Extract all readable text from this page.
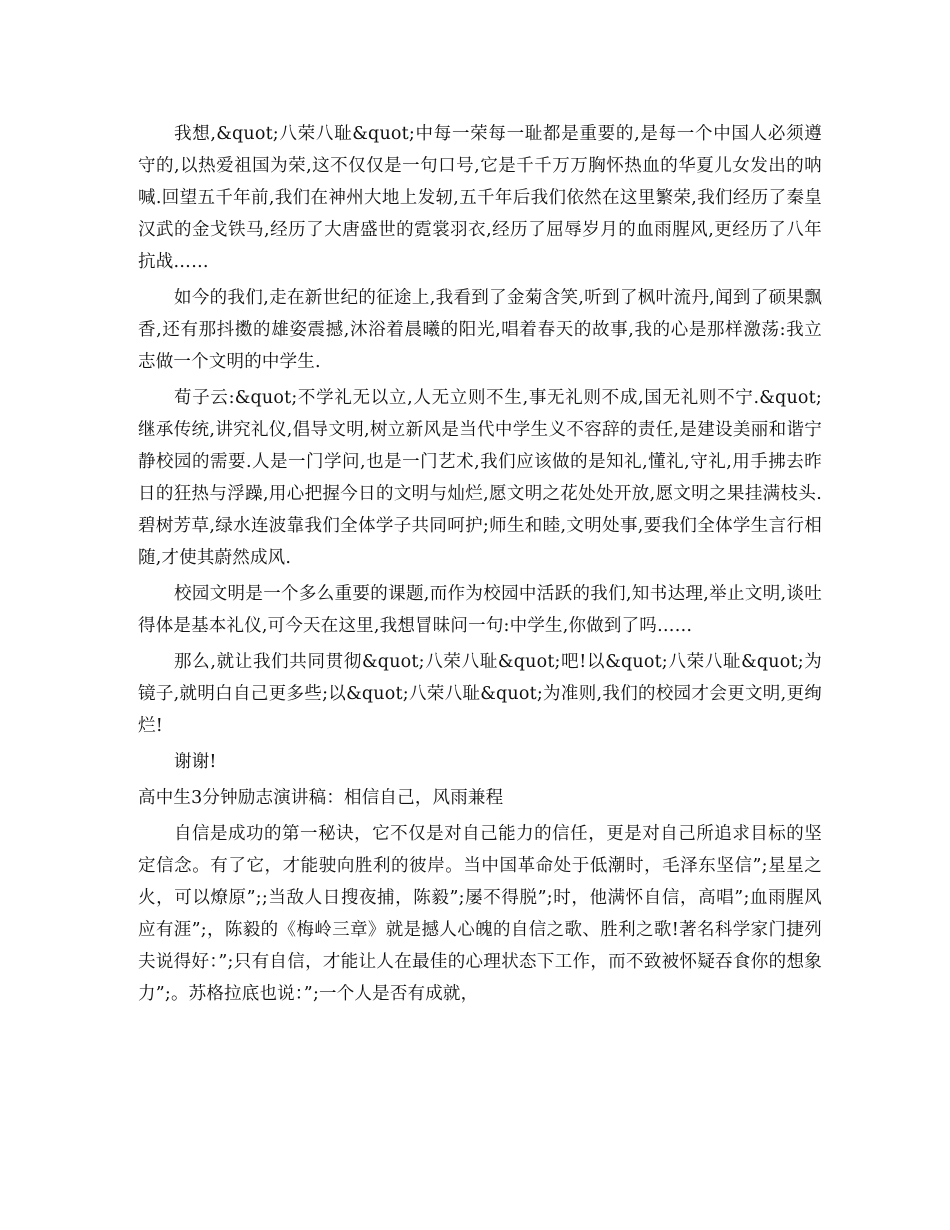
我想,&quot;八荣八耻&quot;中每一荣每一耻都是重要的,是每一个中国人必须遵守的,以热爱祖国为荣,这不仅仅是一句口号,它是千千万万胸怀热血的华夏儿女发出的呐喊.回望五千年前,我们在神州大地上发轫,五千年后我们依然在这里繁荣,我们经历了秦皇汉武的金戈铁马,经历了大唐盛世的霓裳羽衣,经历了屈辱岁月的血雨腥风,更经历了八年抗战……

如今的我们,走在新世纪的征途上,我看到了金菊含笑,听到了枫叶流丹,闻到了硕果飘香,还有那抖擞的雄姿震撼,沐浴着晨曦的阳光,唱着春天的故事,我的心是那样激荡:我立志做一个文明的中学生.

荀子云:&quot;不学礼无以立,人无立则不生,事无礼则不成,国无礼则不宁.&quot;继承传统,讲究礼仪,倡导文明,树立新风是当代中学生义不容辞的责任,是建设美丽和谐宁静校园的需要.人是一门学问,也是一门艺术,我们应该做的是知礼,懂礼,守礼,用手拂去昨日的狂热与浮躁,用心把握今日的文明与灿烂,愿文明之花处处开放,愿文明之果挂满枝头.碧树芳草,绿水连波靠我们全体学子共同呵护;师生和睦,文明处事,要我们全体学生言行相随,才使其蔚然成风.

校园文明是一个多么重要的课题,而作为校园中活跃的我们,知书达理,举止文明,谈吐得体是基本礼仪,可今天在这里,我想冒昧问一句:中学生,你做到了吗……

那么,就让我们共同贯彻&quot;八荣八耻&quot;吧!以&quot;八荣八耻&quot;为镜子,就明白自己更多些;以&quot;八荣八耻&quot;为准则,我们的校园才会更文明,更绚烂!

谢谢!

高中生3分钟励志演讲稿：相信自己，风雨兼程

自信是成功的第一秘诀，它不仅是对自己能力的信任，更是对自己所追求目标的坚定信念。有了它，才能驶向胜利的彼岸。当中国革命处于低潮时，毛泽东坚信”;星星之火，可以燎原”;;当敌人日搜夜捕，陈毅”;屡不得脱”;时，他满怀自信，高唱”;血雨腥风应有涯”;，陈毅的《梅岭三章》就是撼人心魄的自信之歌、胜利之歌!著名科学家门捷列夫说得好：”;只有自信，才能让人在最佳的心理状态下工作，而不致被怀疑吞食你的想象力”;。苏格拉底也说：”;一个人是否有成就，
